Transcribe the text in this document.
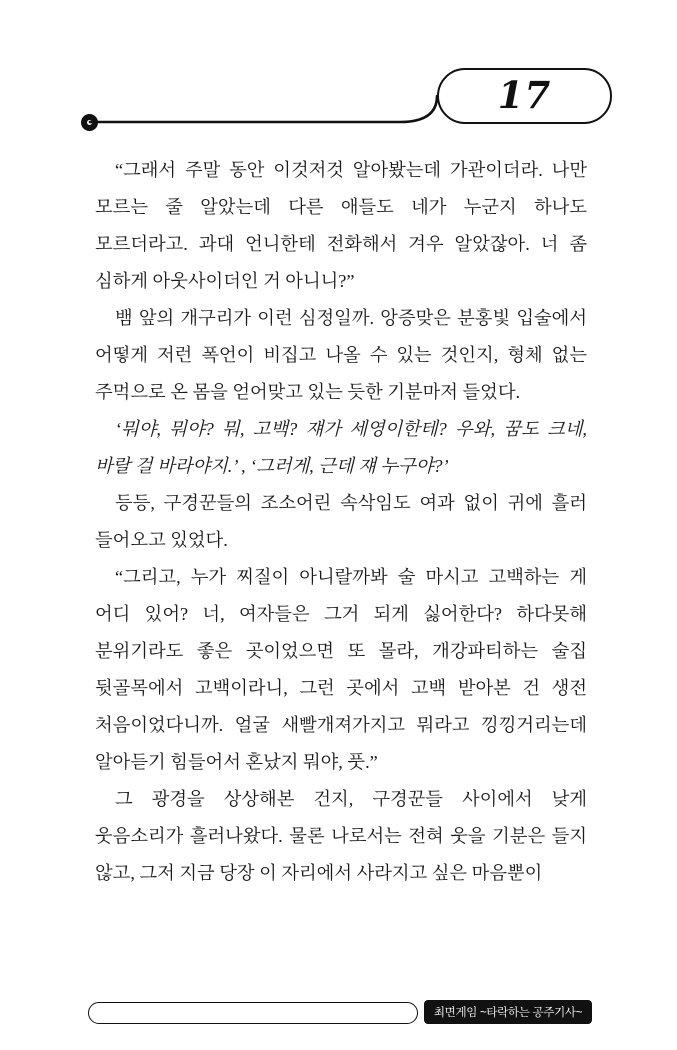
17

“그래서 주말 동안 이것저것 알아봤는데 가관이더라. 나만 모르는 줄 알았는데 다른 애들도 네가 누군지 하나도 모르더라고. 과대 언니한테 전화해서 겨우 알았잖아. 너 좀 심하게 아웃사이더인 거 아니니?”

뱀 앞의 개구리가 이런 심정일까. 앙증맞은 분홍빛 입술에서 어떻게 저런 폭언이 비집고 나올 수 있는 것인지, 형체 없는 주먹으로 온 몸을 얻어맞고 있는 듯한 기분마저 들었다.

‘뭐야, 뭐야? 뭐, 고백? 쟤가 세영이한테? 우와, 꿈도 크네, 바랄 걸 바라야지.’ , ‘그러게, 근데 쟤 누구야?’

등등, 구경꾼들의 조소어린 속삭임도 여과 없이 귀에 흘러 들어오고 있었다.

“그리고, 누가 찌질이 아니랄까봐 술 마시고 고백하는 게 어디 있어? 너, 여자들은 그거 되게 싫어한다? 하다못해 분위기라도 좋은 곳이었으면 또 몰라, 개강파티하는 술집 뒷골목에서 고백이라니, 그런 곳에서 고백 받아본 건 생전 처음이었다니까. 얼굴 새빨개져가지고 뭐라고 낑낑거리는데 알아듣기 힘들어서 혼났지 뭐야, 풋.”

그 광경을 상상해본 건지, 구경꾼들 사이에서 낮게 웃음소리가 흘러나왔다. 물론 나로서는 전혀 웃을 기분은 들지 않고, 그저 지금 당장 이 자리에서 사라지고 싶은 마음뿐이

최면게임 ~타락하는 공주기사~
